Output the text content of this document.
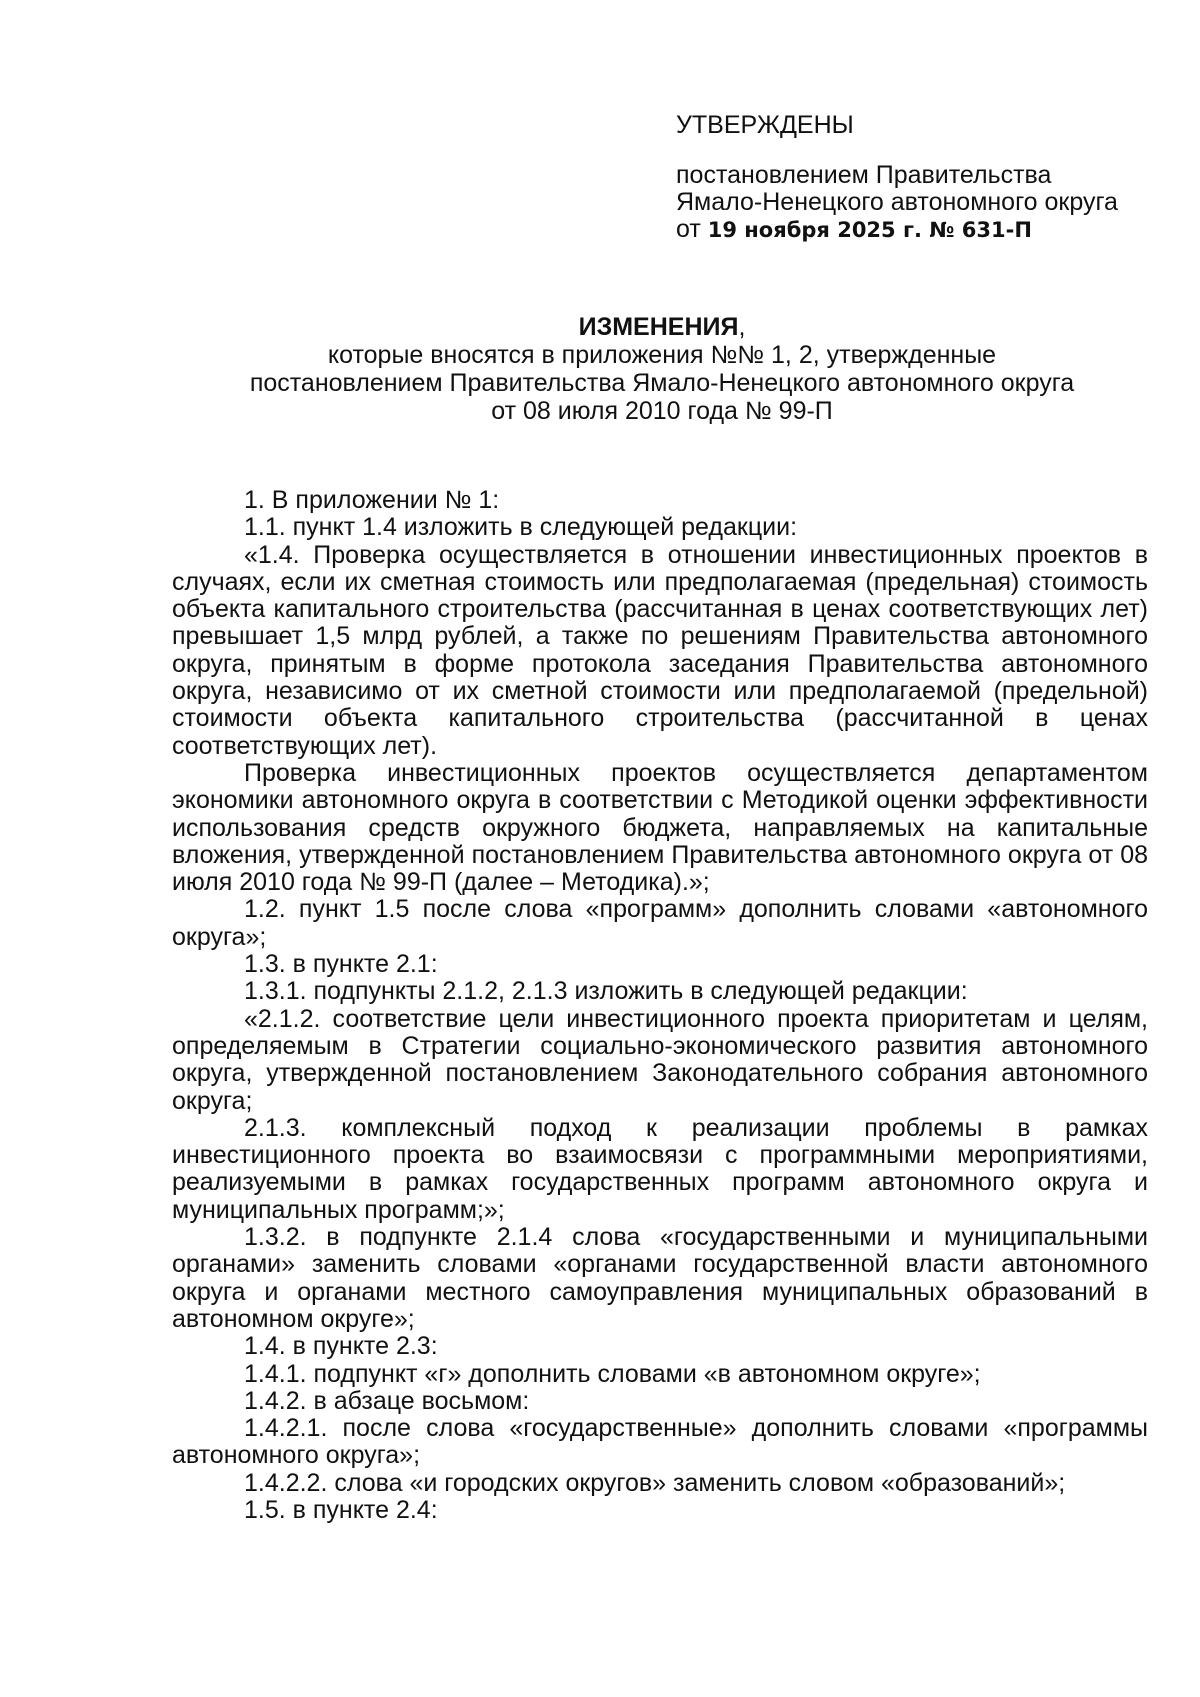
УТВЕРЖДЕНЫ
постановлением Правительства
Ямало-Ненецкого автономного округа
от 19 ноября 2025 г. № 631-П
ИЗМЕНЕНИЯ,
которые вносятся в приложения №№ 1, 2, утвержденные
постановлением Правительства Ямало-Ненецкого автономного округа
от 08 июля 2010 года № 99-П

1. В приложении № 1:

1.1. пункт 1.4 изложить в следующей редакции:

«1.4. Проверка осуществляется в отношении инвестиционных проектов в случаях, если их сметная стоимость или предполагаемая (предельная) стоимость объекта капитального строительства (рассчитанная в ценах соответствующих лет) превышает 1,5 млрд рублей, а также по решениям Правительства автономного округа, принятым в форме протокола заседания Правительства автономного округа, независимо от их сметной стоимости или предполагаемой (предельной) стоимости объекта капитального строительства (рассчитанной в ценах соответствующих лет).

Проверка инвестиционных проектов осуществляется департаментом экономики автономного округа в соответствии с Методикой оценки эффективности использования средств окружного бюджета, направляемых на капитальные вложения, утвержденной постановлением Правительства автономного округа от 08 июля 2010 года № 99-П (далее – Методика).»;

1.2. пункт 1.5 после слова «программ» дополнить словами «автономного округа»;

1.3. в пункте 2.1:

1.3.1. подпункты 2.1.2, 2.1.3 изложить в следующей редакции:

«2.1.2. соответствие цели инвестиционного проекта приоритетам и целям, определяемым в Стратегии социально-экономического развития автономного округа, утвержденной постановлением Законодательного собрания автономного округа;

2.1.3. комплексный подход к реализации проблемы в рамках инвестиционного проекта во взаимосвязи с программными мероприятиями, реализуемыми в рамках государственных программ автономного округа и муниципальных программ;»;

1.3.2. в подпункте 2.1.4 слова «государственными и муниципальными органами» заменить словами «органами государственной власти автономного округа и органами местного самоуправления муниципальных образований в автономном округе»;

1.4. в пункте 2.3:

1.4.1. подпункт «г» дополнить словами «в автономном округе»;

1.4.2. в абзаце восьмом:

1.4.2.1. после слова «государственные» дополнить словами «программы автономного округа»;

1.4.2.2. слова «и городских округов» заменить словом «образований»;

1.5. в пункте 2.4:
